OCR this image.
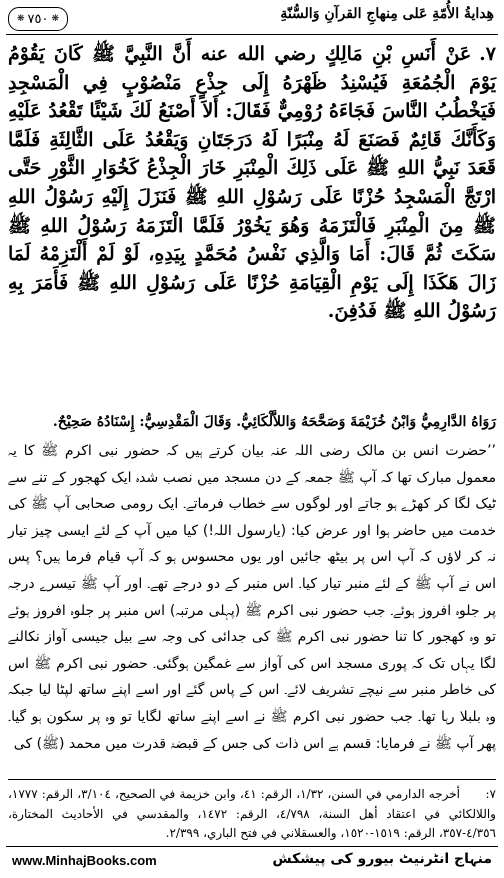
❋ ٧٥٠ ❋	هِدايةُ الأُمّةِ عَلى مِنهاجِ القرآنِ وَالسُّنّةِ
٧.عَنْ أَنَسِ بْنِ مَالِكٍ رضي الله عنه أَنَّ النَّبِيَّ ﷺ كَانَ يَقُوْمُ يَوْمَ الْجُمُعَةِ فَيُسْنِدُ ظَهْرَهُ إِلَى جِذْعٍ مَنْصُوْبٍ فِي الْمَسْجِدِ فَيَخْطُبُ النَّاسَ فَجَاءَهُ رُوْمِيٌّ فَقَالَ: أَلاَ أَصْنَعُ لَكَ شَيْئًا تَقْعُدُ عَلَيْهِ وَكَأَنَّكَ قَائِمٌ فَصَنَعَ لَهُ مِنْبَرًا لَهُ دَرَجَتَانِ وَيَقْعُدُ عَلَى الثَّالِثَةِ فَلَمَّا قَعَدَ نَبِيُّ اللهِ ﷺ عَلَى ذَلِكَ الْمِنْبَرِ خَارَ الْجِذْعُ كَخُوَارِ الثَّوْرِ حَتَّى ارْتَجَّ الْمَسْجِدُ حُزْنًا عَلَى رَسُوْلِ اللهِ ﷺ فَنَزَلَ إِلَيْهِ رَسُوْلُ اللهِ ﷺ مِنَ الْمِنْبَرِ فَالْتَزَمَهُ وَهُوَ يَخُوْرُ فَلَمَّا الْتَزَمَهُ رَسُوْلُ اللهِ ﷺ سَكَتَ ثُمَّ قَالَ: أَمَا وَالَّذِي نَفْسُ مُحَمَّدٍ بِيَدِهِ، لَوْ لَمْ أَلْتَزِمْهُ لَمَا زَالَ هَكَذَا إِلَى يَوْمِ الْقِيَامَةِ حُزْنًا عَلَى رَسُوْلِ اللهِ ﷺ فَأَمَرَ بِهِ رَسُوْلُ اللهِ ﷺ فَدُفِنَ.
رَوَاهُ الدَّارِمِيُّ وَابْنُ خُزَيْمَةَ وَصَحَّحَهُ وَاللاَّلْكَائِيُّ. وَقَالَ الْمَقْدِسِيُّ: إِسْنَادُهُ صَحِيْحٌ.
’’حضرت انس بن مالک رضی اللہ عنہ بیان کرتے ہیں کہ حضور نبی اکرم ﷺ کا یہ معمول مبارک تھا کہ آپ ﷺ جمعہ کے دن مسجد میں نصب شدہ ایک کھجور کے تنے سے ٹیک لگا کر کھڑے ہو جاتے اور لوگوں سے خطاب فرماتے۔ ایک رومی صحابی آپ ﷺ کی خدمت میں حاضر ہوا اور عرض کیا: (یارسول اللہ!) کیا میں آپ کے لئے ایسی چیز تیار نہ کر لاؤں کہ آپ اس پر بیٹھ جائیں اور یوں محسوس ہو کہ آپ قیام فرما ہیں؟ پس اس نے آپ ﷺ کے لئے منبر تیار کیا۔ اس منبر کے دو درجے تھے۔ اور آپ ﷺ تیسرے درجہ پر جلوہ افروز ہوئے۔ جب حضور نبی اکرم ﷺ (پہلی مرتبہ) اس منبر پر جلوہ افروز ہوئے تو وہ کھجور کا تنا حضور نبی اکرم ﷺ کی جدائی کی وجہ سے بیل جیسی آواز نکالنے لگا یہاں تک کہ پوری مسجد اس کی آواز سے غمگین ہوگئی۔ حضور نبی اکرم ﷺ اس کی خاطر منبر سے نیچے تشریف لائے۔ اس کے پاس گئے اور اسے اپنے ساتھ لپٹا لیا جبکہ وہ بلبلا رہا تھا۔ جب حضور نبی اکرم ﷺ نے اسے اپنے ساتھ لگایا تو وہ پر سکون ہو گیا۔ پھر آپ ﷺ نے فرمایا: قسم ہے اس ذات کی جس کے قبضۂ قدرت میں محمد (ﷺ) کی
٧:أخرجه الدارمي في السنن، ١/٣٢، الرقم: ٤١، وابن خزيمة في الصحيح، ٣/١٠٤، الرقم: ١٧٧٧، واللالكائي في اعتقاد أهل السنة، ٤/٧٩٨، الرقم: ١٤٧٢، والمقدسي في الأحاديث المختارة، ٤/٣٥٦-٣٥٧، الرقم: ١٥١٩-١٥٢٠، والعسقلاني في فتح الباري، ٢/٣٩٩.
www.MinhajBooks.com	منہاج انٹرنیٹ بیورو کی پیشکش
